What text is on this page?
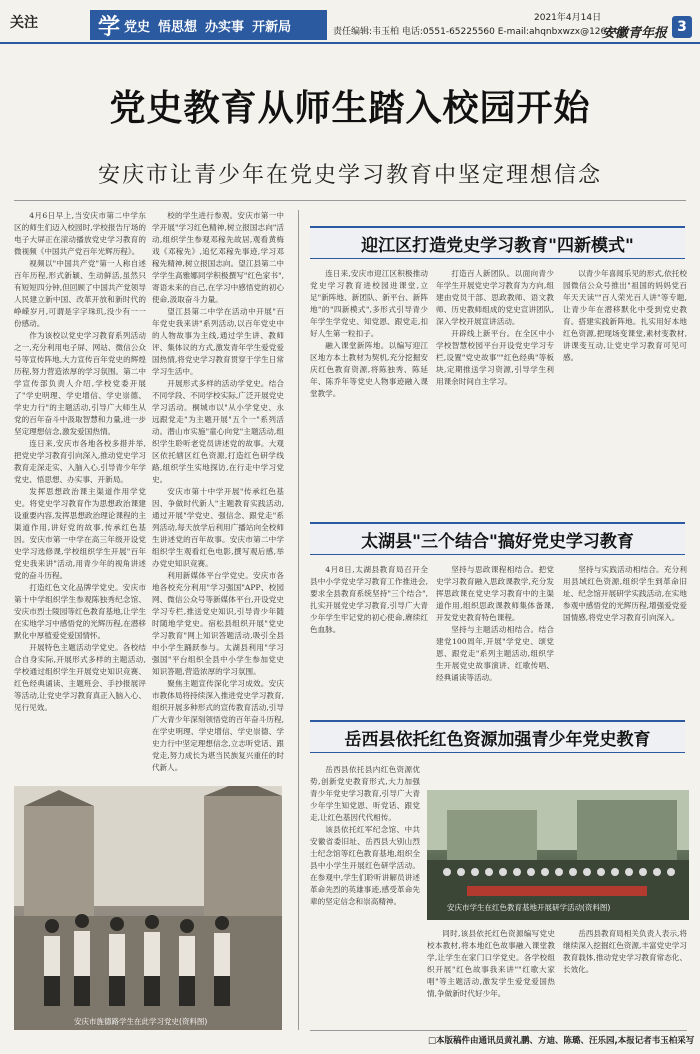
关注	学 党史 悟思想 办实事 开新局	责任编辑:韦玉柏 电话:0551-65225560 E-mail:ahqnbxwzx@126.com
2021年4月14日
安徽青年报 3
党史教育从师生踏入校园开始
安庆市让青少年在党史学习教育中坚定理想信念

4月6日早上,当安庆市第二中学东区的师生们迈入校园时,学校报告厅场的电子大屏正在滚动播放党史学习教育的微视频《中国共产党百年光辉历程》。

视频以"中国共产党"第一人称自述百年历程,形式新颖、生动鲜活,虽然只有短短四分钟,但回顾了中国共产党领导人民建立新中国、改革开放和新时代的峥嵘岁月,可谓是字字珠玑,没少有一一份感动。

作为该校以党史学习教育系列活动之一,充分利用电子屏、网站、微信公众号等宣传阵地,大力宣传百年党史的辉煌历程,努力营造浓厚的学习氛围。第二中学宣传部负责人介绍,学校党委开展了"学史明理、学史增信、学史崇德、学史力行"的主题活动,引导广大师生从党的百年奋斗中汲取智慧和力量,进一步坚定理想信念,激发爱国热情。

连日来,安庆市各地各校多措并举,把党史学习教育引向深入,推动党史学习教育走深走实、入脑入心,引导青少年学党史、悟思想、办实事、开新局。

发挥思想政治课主渠道作用学党史。将党史学习教育作为思想政治课建设重要内容,发挥思想政治理论课程的主渠道作用,讲好党的故事,传承红色基因。安庆市第一中学在高三年级开设党史学习选修课,学校组织学生开展"百年党史我来讲"活动,用青少年的视角讲述党的奋斗历程。

打造红色文化品牌学党史。安庆市第十中学组织学生参观陈独秀纪念馆、安庆市烈士陵园等红色教育基地,让学生在实地学习中感悟党的光辉历程,在潜移默化中厚植爱党爱国情怀。

开展特色主题活动学党史。各校结合自身实际,开展形式多样的主题活动,学校通过组织学生开展党史知识竞赛、红色经典诵读、主题班会、手抄报展评等活动,让党史学习教育真正入脑入心、见行见效。

校的学生进行参观。安庆市第一中学开展"学习红色精神,树立报国志向"活动,组织学生参观邓稼先故居,观看黄梅戏《邓稼先》,追忆邓稼先事迹,学习邓稼先精神,树立报国志向。望江县第二中学学生高雅娜同学积极撰写"红色家书",寄语未来的自己,在学习中感悟党的初心使命,汲取奋斗力量。

望江县第二中学在活动中开展"百年党史我来讲"系列活动,以百年党史中的人物故事为主线,通过学生讲、教师评、集体议的方式,激发青年学生爱党爱国热情,将党史学习教育贯穿于学生日常学习生活中。

开展形式多样的活动学党史。结合不同学段、不同学校实际,广泛开展党史学习活动。桐城市以"从小学党史、永远跟党走"为主题开展"五个一"系列活动。潜山市实施"童心向党"主题活动,组织学生聆听老党员讲述党的故事。大观区依托辖区红色资源,打造红色研学线路,组织学生实地探访,在行走中学习党史。

安庆市第十中学开展"传承红色基因、争做时代新人"主题教育实践活动,通过开展"学党史、强信念、跟党走"系列活动,每天放学后利用广播站向全校师生讲述党的百年故事。安庆市第二中学组织学生观看红色电影,撰写观后感,举办党史知识竞赛。

利用新媒体平台学党史。安庆市各地各校充分利用"学习强国"APP、校园网、微信公众号等新媒体平台,开设党史学习专栏,推送党史知识,引导青少年随时随地学党史。宿松县组织开展"党史学习教育"网上知识答题活动,吸引全县中小学生踊跃参与。太湖县利用"学习强国"平台组织全县中小学生参加党史知识答题,营造浓厚的学习氛围。

聚焦主题宣传深化学习成效。安庆市教体局将持续深入推进党史学习教育,组织开展多种形式的宣传教育活动,引导广大青少年深刻领悟党的百年奋斗历程,在学史明理、学史增信、学史崇德、学史力行中坚定理想信念,立志听党话、跟党走,努力成长为堪当民族复兴重任的时代新人。

安庆市旌德路学生在此学习党史(资料图)
迎江区打造党史学习教育"四新模式"

连日来,安庆市迎江区积极推动党史学习教育进校园进课堂,立足"新阵地、新团队、新平台、新阵地"的"四新模式",多形式引导青少年学生学党史、知党恩、跟党走,扣好人生第一粒扣子。

融入课堂新阵地。以编写迎江区地方本土教材为契机,充分挖掘安庆红色教育资源,将陈独秀、陈延年、陈乔年等党史人物事迹融入课堂教学。

打造百人新团队。以面向青少年学生开展党史学习教育为方向,组建由党员干部、思政教师、语文教师、历史教师组成的党史宣讲团队,深入学校开展宣讲活动。

开辟线上新平台。在全区中小学校智慧校园平台开设党史学习专栏,设置"党史故事""红色经典"等板块,定期推送学习资源,引导学生利用课余时间自主学习。

以青少年喜闻乐见的形式,依托校园微信公众号推出"祖国的妈妈党百年天天读""百人荣光百人讲"等专题,让青少年在潜移默化中受到党史教育。搭建实践新阵地。扎实用好本地红色资源,把现场变课堂,素材变教材,讲课变互动,让党史学习教育可见可感。

太湖县"三个结合"搞好党史学习教育

4月8日,太湖县教育局召开全县中小学党史学习教育工作推进会,要求全县教育系统坚持"三个结合",扎实开展党史学习教育,引导广大青少年学生牢记党的初心使命,赓续红色血脉。

坚持与思政课程相结合。把党史学习教育融入思政课教学,充分发挥思政课在党史学习教育中的主渠道作用,组织思政课教师集体备课,开发党史教育特色课程。

坚持与主题活动相结合。结合建党100周年,开展"学党史、颂党恩、跟党走"系列主题活动,组织学生开展党史故事演讲、红歌传唱、经典诵读等活动。

坚持与实践活动相结合。充分利用县域红色资源,组织学生到革命旧址、纪念馆开展研学实践活动,在实地参观中感悟党的光辉历程,增强爱党爱国情感,将党史学习教育引向深入。

岳西县依托红色资源加强青少年党史教育

岳西县依托县内红色资源优势,创新党史教育形式,大力加强青少年党史学习教育,引导广大青少年学生知党恩、听党话、跟党走,让红色基因代代相传。

该县依托红军纪念馆、中共安徽省委旧址、岳西县大别山烈士纪念馆等红色教育基地,组织全县中小学生开展红色研学活动。在参观中,学生们聆听讲解员讲述革命先烈的英雄事迹,感受革命先辈的坚定信念和崇高精神。

同时,该县依托红色资源编写党史校本教材,将本地红色故事融入课堂教学,让学生在家门口学党史。各学校组织开展"红色故事我来讲""红歌大家唱"等主题活动,激发学生爱党爱国热情,争做新时代好少年。

岳西县教育局相关负责人表示,将继续深入挖掘红色资源,丰富党史学习教育载体,推动党史学习教育常态化、长效化。

安庆市学生在红色教育基地开展研学活动(资料图)
□本版稿件由通讯员黄礼鹏、方迪、陈璐、汪乐园,本报记者韦玉柏采写
